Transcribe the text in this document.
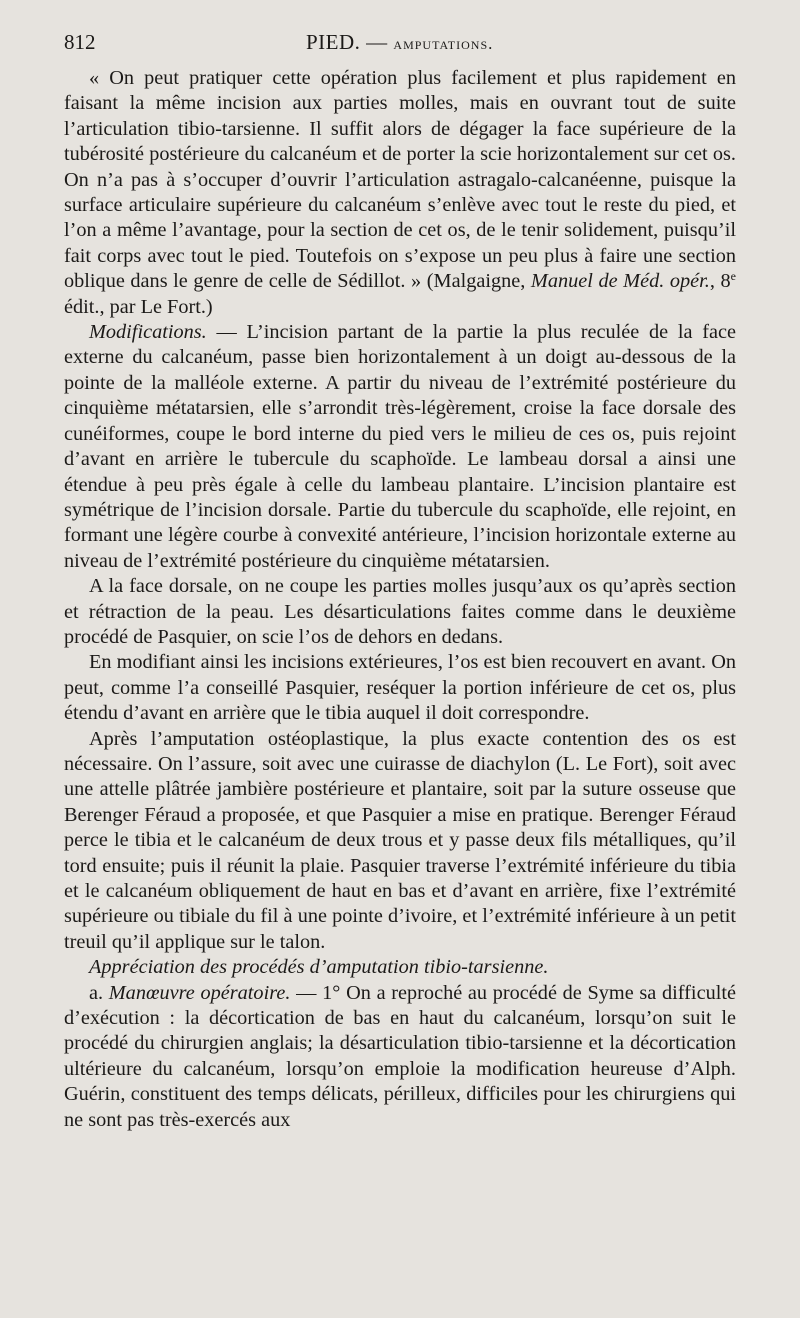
812	PIED. — amputations.

« On peut pratiquer cette opération plus facilement et plus rapidement en faisant la même incision aux parties molles, mais en ouvrant tout de suite l’articulation tibio-tarsienne. Il suffit alors de dégager la face supérieure de la tubérosité postérieure du calcanéum et de porter la scie horizontalement sur cet os. On n’a pas à s’occuper d’ouvrir l’articulation astragalo-calcanéenne, puisque la surface articulaire supérieure du calcanéum s’enlève avec tout le reste du pied, et l’on a même l’avantage, pour la section de cet os, de le tenir solidement, puisqu’il fait corps avec tout le pied. Toutefois on s’expose un peu plus à faire une section oblique dans le genre de celle de Sédillot. » (Malgaigne, Manuel de Méd. opér., 8e édit., par Le Fort.)

Modifications. — L’incision partant de la partie la plus reculée de la face externe du calcanéum, passe bien horizontalement à un doigt au-dessous de la pointe de la malléole externe. A partir du niveau de l’extrémité postérieure du cinquième métatarsien, elle s’arrondit très-légèrement, croise la face dorsale des cunéiformes, coupe le bord interne du pied vers le milieu de ces os, puis rejoint d’avant en arrière le tubercule du scaphoïde. Le lambeau dorsal a ainsi une étendue à peu près égale à celle du lambeau plantaire. L’incision plantaire est symétrique de l’incision dorsale. Partie du tubercule du scaphoïde, elle rejoint, en formant une légère courbe à convexité antérieure, l’incision horizontale externe au niveau de l’extrémité postérieure du cinquième métatarsien.

A la face dorsale, on ne coupe les parties molles jusqu’aux os qu’après section et rétraction de la peau. Les désarticulations faites comme dans le deuxième procédé de Pasquier, on scie l’os de dehors en dedans.

En modifiant ainsi les incisions extérieures, l’os est bien recouvert en avant. On peut, comme l’a conseillé Pasquier, reséquer la portion inférieure de cet os, plus étendu d’avant en arrière que le tibia auquel il doit correspondre.

Après l’amputation ostéoplastique, la plus exacte contention des os est nécessaire. On l’assure, soit avec une cuirasse de diachylon (L. Le Fort), soit avec une attelle plâtrée jambière postérieure et plantaire, soit par la suture osseuse que Berenger Féraud a proposée, et que Pasquier a mise en pratique. Berenger Féraud perce le tibia et le calcanéum de deux trous et y passe deux fils métalliques, qu’il tord ensuite; puis il réunit la plaie. Pasquier traverse l’extrémité inférieure du tibia et le calcanéum obliquement de haut en bas et d’avant en arrière, fixe l’extrémité supérieure ou tibiale du fil à une pointe d’ivoire, et l’extrémité inférieure à un petit treuil qu’il applique sur le talon.

Appréciation des procédés d’amputation tibio-tarsienne.

a. Manœuvre opératoire. — 1° On a reproché au procédé de Syme sa difficulté d’exécution : la décortication de bas en haut du calcanéum, lorsqu’on suit le procédé du chirurgien anglais; la désarticulation tibio-tarsienne et la décortication ultérieure du calcanéum, lorsqu’on emploie la modification heureuse d’Alph. Guérin, constituent des temps délicats, périlleux, difficiles pour les chirurgiens qui ne sont pas très-exercés aux
